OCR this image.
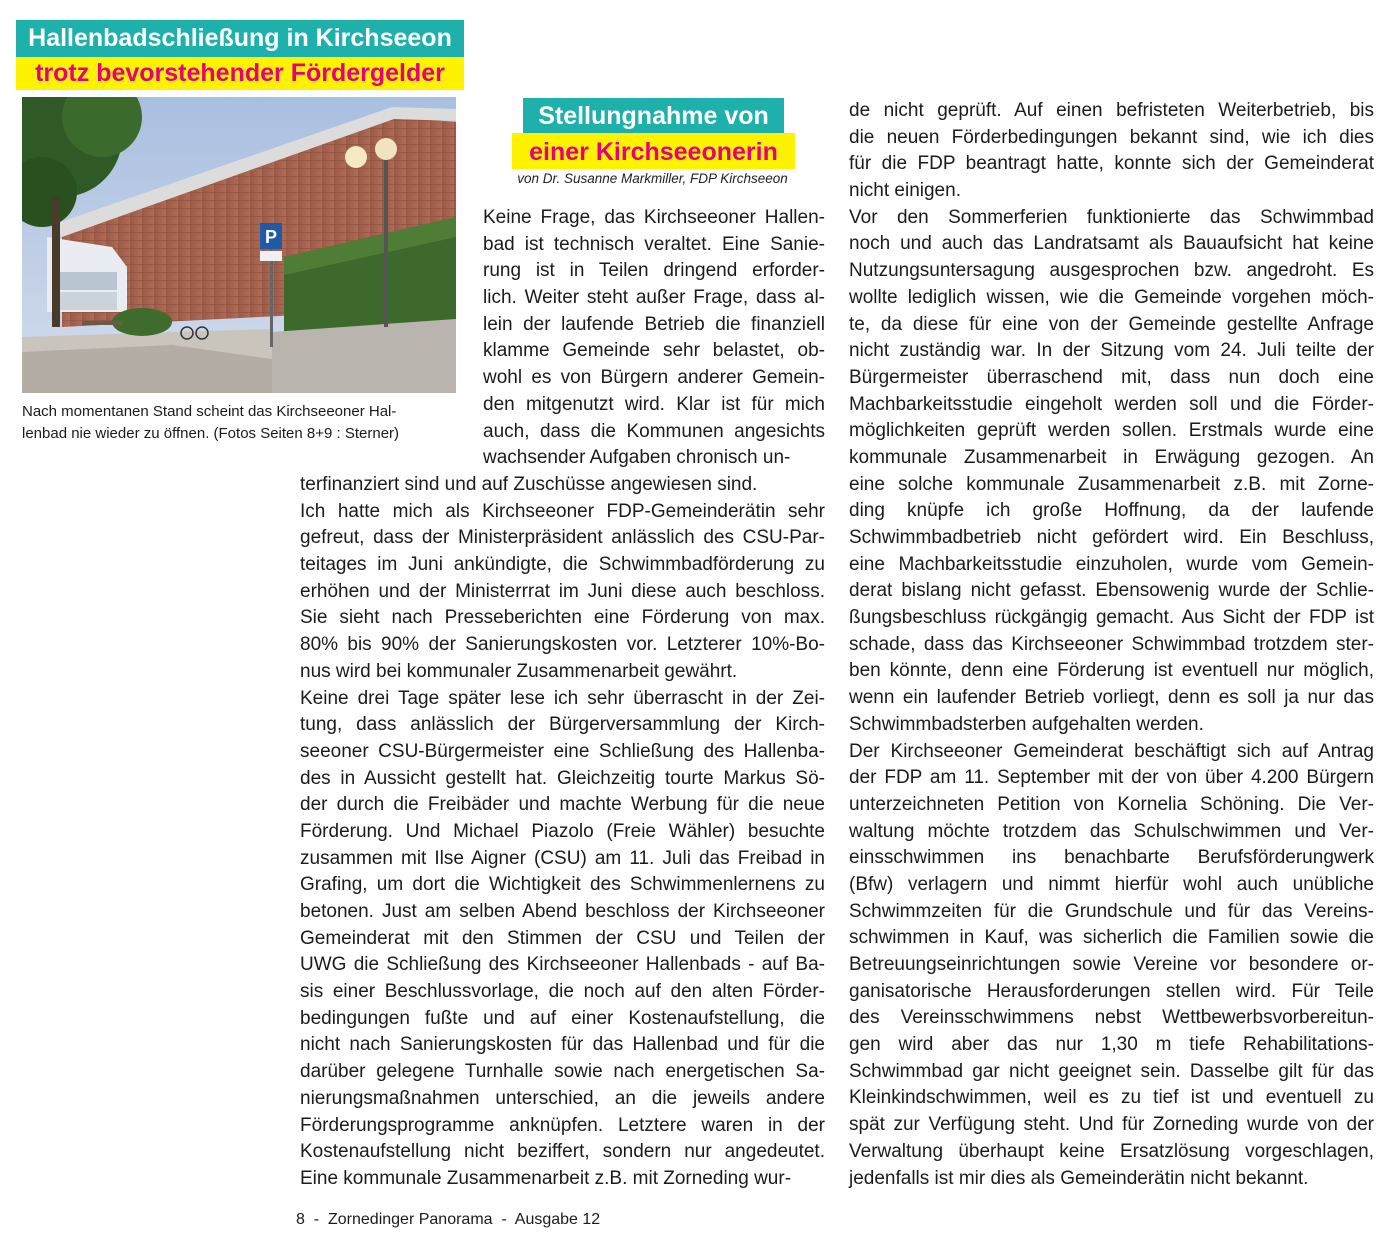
Hallenbadschließung in Kirchseeon
trotz bevorstehender Fördergelder
P

Nach momentanen Stand scheint das Kirchseeoner Hal-

lenbad nie wieder zu öffnen. (Fotos Seiten 8+9 : Sterner)

Stellungnahme von
einer Kirchseeonerin
von Dr. Susanne Markmiller, FDP Kirchseeon
Keine Frage, das Kirchseeoner Hallen-
bad ist technisch veraltet. Eine Sanie-
rung ist in Teilen dringend erforder-
lich. Weiter steht außer Frage, dass al-
lein der laufende Betrieb die finanziell
klamme Gemeinde sehr belastet, ob-
wohl es von Bürgern anderer Gemein-
den mitgenutzt wird. Klar ist für mich
auch, dass die Kommunen angesichts
wachsender Aufgaben chronisch un-
terfinanziert sind und auf Zuschüsse angewiesen sind.
Ich hatte mich als Kirchseeoner FDP-Gemeinderätin sehr
gefreut, dass der Ministerpräsident anlässlich des CSU-Par-
teitages im Juni ankündigte, die Schwimmbadförderung zu
erhöhen und der Ministerrrat im Juni diese auch beschloss.
Sie sieht nach Presseberichten eine Förderung von max.
80% bis 90% der Sanierungskosten vor. Letzterer 10%-Bo-
nus wird bei kommunaler Zusammenarbeit gewährt.
Keine drei Tage später lese ich sehr überrascht in der Zei-
tung, dass anlässlich der Bürgerversammlung der Kirch-
seeoner CSU-Bürgermeister eine Schließung des Hallenba-
des in Aussicht gestellt hat. Gleichzeitig tourte Markus Sö-
der durch die Freibäder und machte Werbung für die neue
Förderung. Und Michael Piazolo (Freie Wähler) besuchte
zusammen mit Ilse Aigner (CSU) am 11. Juli das Freibad in
Grafing, um dort die Wichtigkeit des Schwimmenlernens zu
betonen. Just am selben Abend beschloss der Kirchseeoner
Gemeinderat mit den Stimmen der CSU und Teilen der
UWG die Schließung des Kirchseeoner Hallenbads - auf Ba-
sis einer Beschlussvorlage, die noch auf den alten Förder-
bedingungen fußte und auf einer Kostenaufstellung, die
nicht nach Sanierungskosten für das Hallenbad und für die
darüber gelegene Turnhalle sowie nach energetischen Sa-
nierungsmaßnahmen unterschied, an die jeweils andere
Förderungsprogramme anknüpfen. Letztere waren in der
Kostenaufstellung nicht beziffert, sondern nur angedeutet.
Eine kommunale Zusammenarbeit z.B. mit Zorneding wur-
de nicht geprüft. Auf einen befristeten Weiterbetrieb, bis
die neuen Förderbedingungen bekannt sind, wie ich dies
für die FDP beantragt hatte, konnte sich der Gemeinderat
nicht einigen.
Vor den Sommerferien funktionierte das Schwimmbad
noch und auch das Landratsamt als Bauaufsicht hat keine
Nutzungsuntersagung ausgesprochen bzw. angedroht. Es
wollte lediglich wissen, wie die Gemeinde vorgehen möch-
te, da diese für eine von der Gemeinde gestellte Anfrage
nicht zuständig war. In der Sitzung vom 24. Juli teilte der
Bürgermeister überraschend mit, dass nun doch eine
Machbarkeitsstudie eingeholt werden soll und die Förder-
möglichkeiten geprüft werden sollen. Erstmals wurde eine
kommunale Zusammenarbeit in Erwägung gezogen. An
eine solche kommunale Zusammenarbeit z.B. mit Zorne-
ding knüpfe ich große Hoffnung, da der laufende
Schwimmbadbetrieb nicht gefördert wird. Ein Beschluss,
eine Machbarkeitsstudie einzuholen, wurde vom Gemein-
derat bislang nicht gefasst. Ebensowenig wurde der Schlie-
ßungsbeschluss rückgängig gemacht. Aus Sicht der FDP ist
schade, dass das Kirchseeoner Schwimmbad trotzdem ster-
ben könnte, denn eine Förderung ist eventuell nur möglich,
wenn ein laufender Betrieb vorliegt, denn es soll ja nur das
Schwimmbadsterben aufgehalten werden.
Der Kirchseeoner Gemeinderat beschäftigt sich auf Antrag
der FDP am 11. September mit der von über 4.200 Bürgern
unterzeichneten Petition von Kornelia Schöning. Die Ver-
waltung möchte trotzdem das Schulschwimmen und Ver-
einsschwimmen ins benachbarte Berufsförderungwerk
(Bfw) verlagern und nimmt hierfür wohl auch unübliche
Schwimmzeiten für die Grundschule und für das Vereins-
schwimmen in Kauf, was sicherlich die Familien sowie die
Betreuungseinrichtungen sowie Vereine vor besondere or-
ganisatorische Herausforderungen stellen wird. Für Teile
des Vereinsschwimmens nebst Wettbewerbsvorbereitun-
gen wird aber das nur 1,30 m tiefe Rehabilitations-
Schwimmbad gar nicht geeignet sein. Dasselbe gilt für das
Kleinkindschwimmen, weil es zu tief ist und eventuell zu
spät zur Verfügung steht. Und für Zorneding wurde von der
Verwaltung überhaupt keine Ersatzlösung vorgeschlagen,
jedenfalls ist mir dies als Gemeinderätin nicht bekannt.
8  -  Zornedinger Panorama  -  Ausgabe 12
